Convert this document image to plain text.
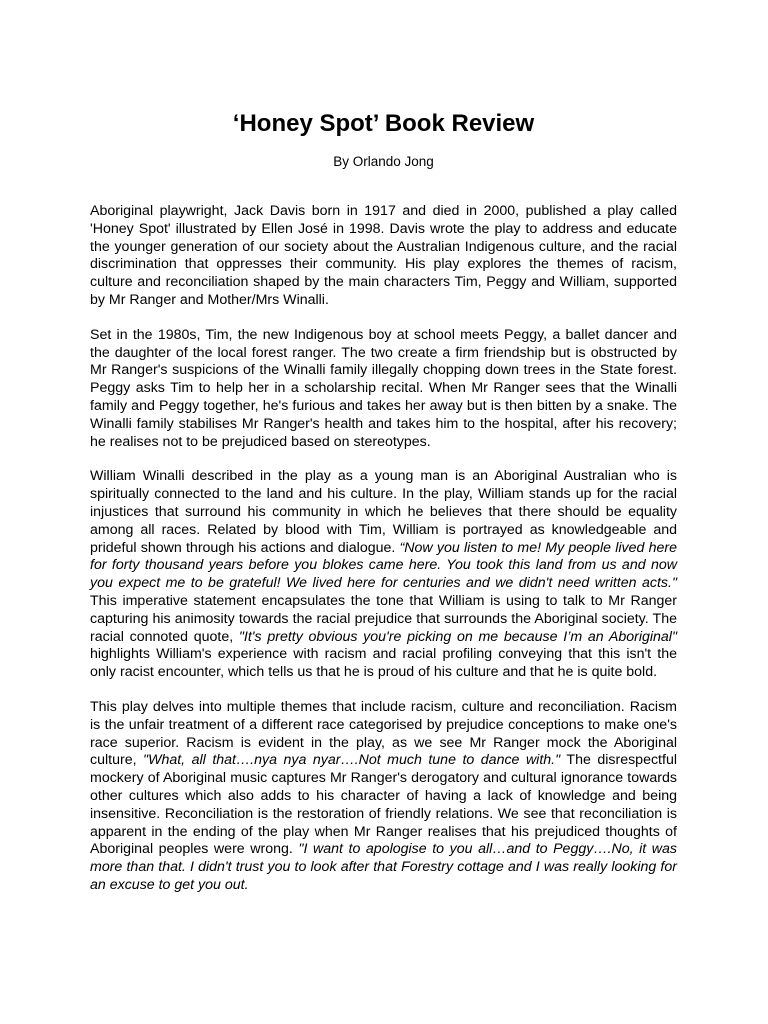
‘Honey Spot’ Book Review

By Orlando Jong

Aboriginal playwright, Jack Davis born in 1917 and died in 2000, published a play called 'Honey Spot' illustrated by Ellen José in 1998. Davis wrote the play to address and educate the younger generation of our society about the Australian Indigenous culture, and the racial discrimination that oppresses their community. His play explores the themes of racism, culture and reconciliation shaped by the main characters Tim, Peggy and William, supported by Mr Ranger and Mother/Mrs Winalli.

Set in the 1980s, Tim, the new Indigenous boy at school meets Peggy, a ballet dancer and the daughter of the local forest ranger. The two create a firm friendship but is obstructed by Mr Ranger's suspicions of the Winalli family illegally chopping down trees in the State forest. Peggy asks Tim to help her in a scholarship recital. When Mr Ranger sees that the Winalli family and Peggy together, he's furious and takes her away but is then bitten by a snake. The Winalli family stabilises Mr Ranger's health and takes him to the hospital, after his recovery; he realises not to be prejudiced based on stereotypes.

William Winalli described in the play as a young man is an Aboriginal Australian who is spiritually connected to the land and his culture. In the play, William stands up for the racial injustices that surround his community in which he believes that there should be equality among all races. Related by blood with Tim, William is portrayed as knowledgeable and prideful shown through his actions and dialogue. “Now you listen to me! My people lived here for forty thousand years before you blokes came here. You took this land from us and now you expect me to be grateful! We lived here for centuries and we didn't need written acts." This imperative statement encapsulates the tone that William is using to talk to Mr Ranger capturing his animosity towards the racial prejudice that surrounds the Aboriginal society. The racial connoted quote, "It's pretty obvious you're picking on me because I’m an Aboriginal" highlights William's experience with racism and racial profiling conveying that this isn't the only racist encounter, which tells us that he is proud of his culture and that he is quite bold.

This play delves into multiple themes that include racism, culture and reconciliation. Racism is the unfair treatment of a different race categorised by prejudice conceptions to make one's race superior. Racism is evident in the play, as we see Mr Ranger mock the Aboriginal culture, "What, all that….nya nya nyar….Not much tune to dance with." The disrespectful mockery of Aboriginal music captures Mr Ranger's derogatory and cultural ignorance towards other cultures which also adds to his character of having a lack of knowledge and being insensitive. Reconciliation is the restoration of friendly relations. We see that reconciliation is apparent in the ending of the play when Mr Ranger realises that his prejudiced thoughts of Aboriginal peoples were wrong. "I want to apologise to you all…and to Peggy….No, it was more than that. I didn't trust you to look after that Forestry cottage and I was really looking for an excuse to get you out.
